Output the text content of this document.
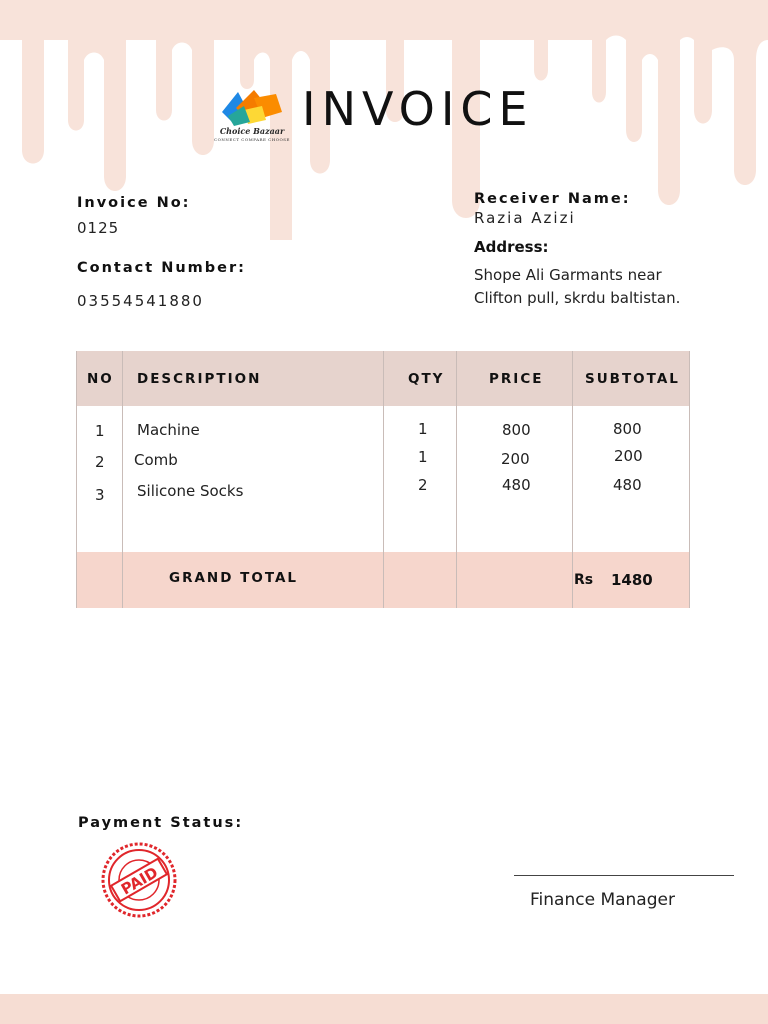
Choice Bazaar
CONNECT COMPARE CHOOSE
INVOICE
Invoice No:
0125
Contact Number:
03554541880
Receiver Name:
Razia Azizi
Address:
Shope Ali Garmants near
Clifton pull, skrdu baltistan.
NO DESCRIPTION	QTY	PRICE	SUBTOTAL
1 Machine	1	800	800
2 Comb	1	200	200
3 Silicone Socks	2	480	480
GRAND TOTAL	Rs 1480
Payment Status:
PAID
Finance Manager
